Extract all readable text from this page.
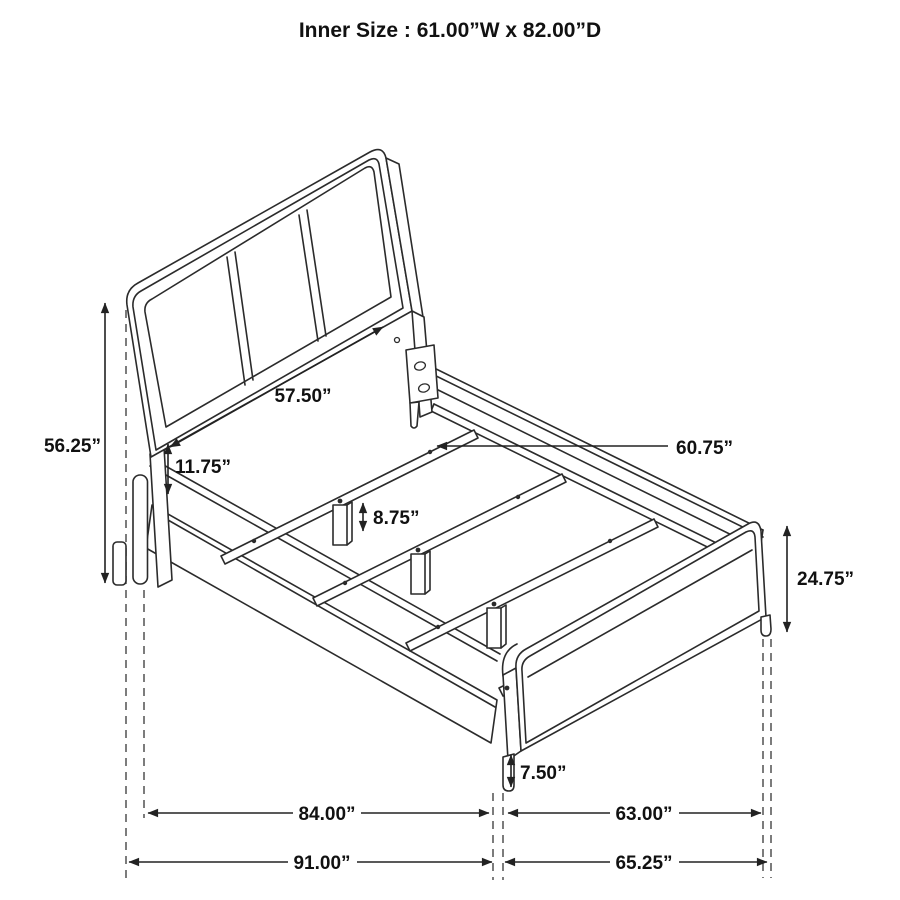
56.25”
57.50”
11.75”
8.75”
60.75”
24.75”
7.50”
84.00”	63.00”
91.00”	65.25”
Inner Size : 61.00”W x 82.00”D
